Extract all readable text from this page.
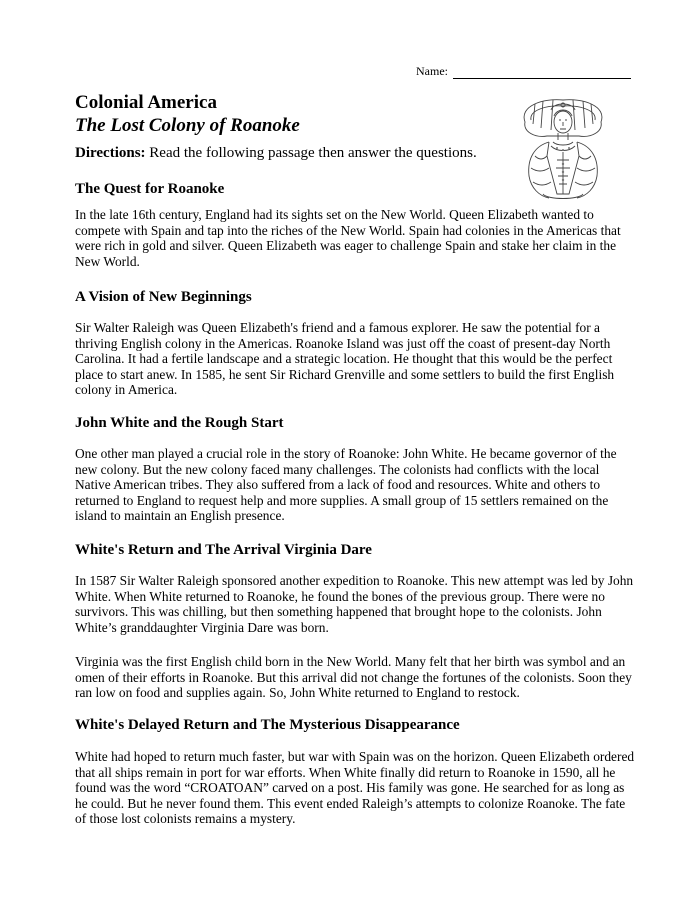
Name:
Colonial America
The Lost Colony of Roanoke
Directions: Read the following passage then answer the questions.
The Quest for Roanoke

In the late 16th century, England had its sights set on the New World. Queen Elizabeth wanted to compete with Spain and tap into the riches of the New World. Spain had colonies in the Americas that were rich in gold and silver. Queen Elizabeth was eager to challenge Spain and stake her claim in the New World.

A Vision of New Beginnings

Sir Walter Raleigh was Queen Elizabeth's friend and a famous explorer. He saw the potential for a thriving English colony in the Americas. Roanoke Island was just off the coast of present-day North Carolina. It had a fertile landscape and a strategic location. He thought that this would be the perfect place to start anew. In 1585, he sent Sir Richard Grenville and some settlers to build the first English colony in America.

John White and the Rough Start

One other man played a crucial role in the story of Roanoke: John White. He became governor of the new colony. But the new colony faced many challenges. The colonists had conflicts with the local Native American tribes. They also suffered from a lack of food and resources. White and others to returned to England to request help and more supplies. A small group of 15 settlers remained on the island to maintain an English presence.

White's Return and The Arrival Virginia Dare

In 1587 Sir Walter Raleigh sponsored another expedition to Roanoke. This new attempt was led by John White. When White returned to Roanoke, he found the bones of the previous group. There were no survivors. This was chilling, but then something happened that brought hope to the colonists. John White’s granddaughter Virginia Dare was born.

Virginia was the first English child born in the New World. Many felt that her birth was symbol and an omen of their efforts in Roanoke. But this arrival did not change the fortunes of the colonists. Soon they ran low on food and supplies again. So, John White returned to England to restock.

White's Delayed Return and The Mysterious Disappearance

White had hoped to return much faster, but war with Spain was on the horizon. Queen Elizabeth ordered that all ships remain in port for war efforts. When White finally did return to Roanoke in 1590, all he found was the word “CROATOAN” carved on a post. His family was gone. He searched for as long as he could. But he never found them. This event ended Raleigh’s attempts to colonize Roanoke. The fate of those lost colonists remains a mystery.
